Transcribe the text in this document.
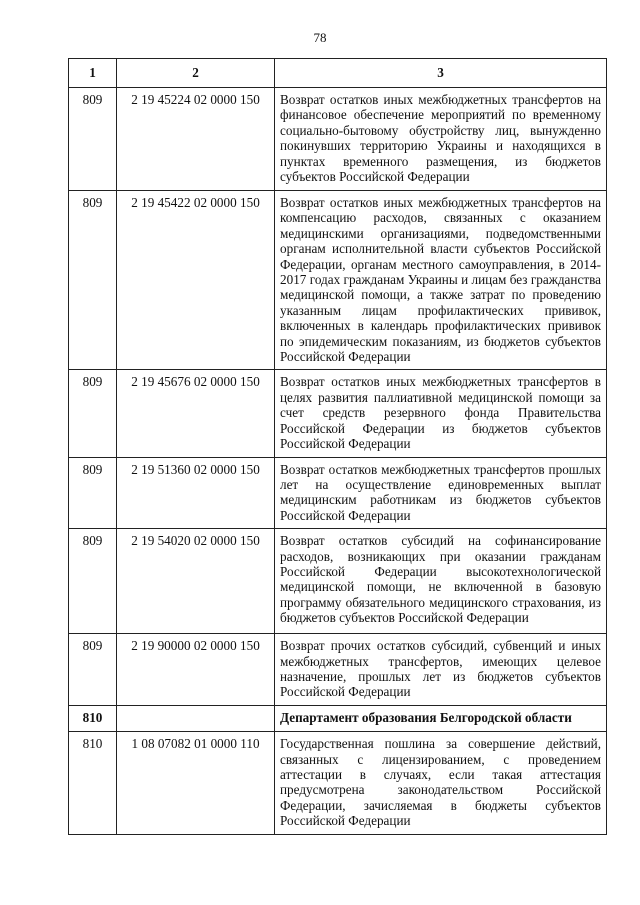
78
1	2	3
809	2 19 45224 02 0000 150	Возврат остатков иных межбюджетных трансфертов на финансовое обеспечение мероприятий по временному социально-бытовому обустройству лиц, вынужденно покинувших территорию Украины и находящихся в пунктах временного размещения, из бюджетов субъектов Российской Федерации
809	2 19 45422 02 0000 150	Возврат остатков иных межбюджетных трансфертов на компенсацию расходов, связанных с оказанием медицинскими организациями, подведомственными органам исполнительной власти субъектов Российской Федерации, органам местного самоуправления, в 2014-2017 годах гражданам Украины и лицам без гражданства медицинской помощи, а также затрат по проведению указанным лицам профилактических прививок, включенных в календарь профилактических прививок по эпидемическим показаниям, из бюджетов субъектов Российской Федерации
809	2 19 45676 02 0000 150	Возврат остатков иных межбюджетных трансфертов в целях развития паллиативной медицинской помощи за счет средств резервного фонда Правительства Российской Федерации из бюджетов субъектов Российской Федерации
809	2 19 51360 02 0000 150	Возврат остатков межбюджетных трансфертов прошлых лет на осуществление единовременных выплат медицинским работникам из бюджетов субъектов Российской Федерации
809	2 19 54020 02 0000 150	Возврат остатков субсидий на софинансирование расходов, возникающих при оказании гражданам Российской Федерации высокотехнологической медицинской помощи, не включенной в базовую программу обязательного медицинского страхования, из бюджетов субъектов Российской Федерации
809	2 19 90000 02 0000 150	Возврат прочих остатков субсидий, субвенций и иных межбюджетных трансфертов, имеющих целевое назначение, прошлых лет из бюджетов субъектов Российской Федерации
810		Департамент образования Белгородской области
810	1 08 07082 01 0000 110	Государственная пошлина за совершение действий, связанных с лицензированием, с проведением аттестации в случаях, если такая аттестация предусмотрена законодательством Российской Федерации, зачисляемая в бюджеты субъектов Российской Федерации
